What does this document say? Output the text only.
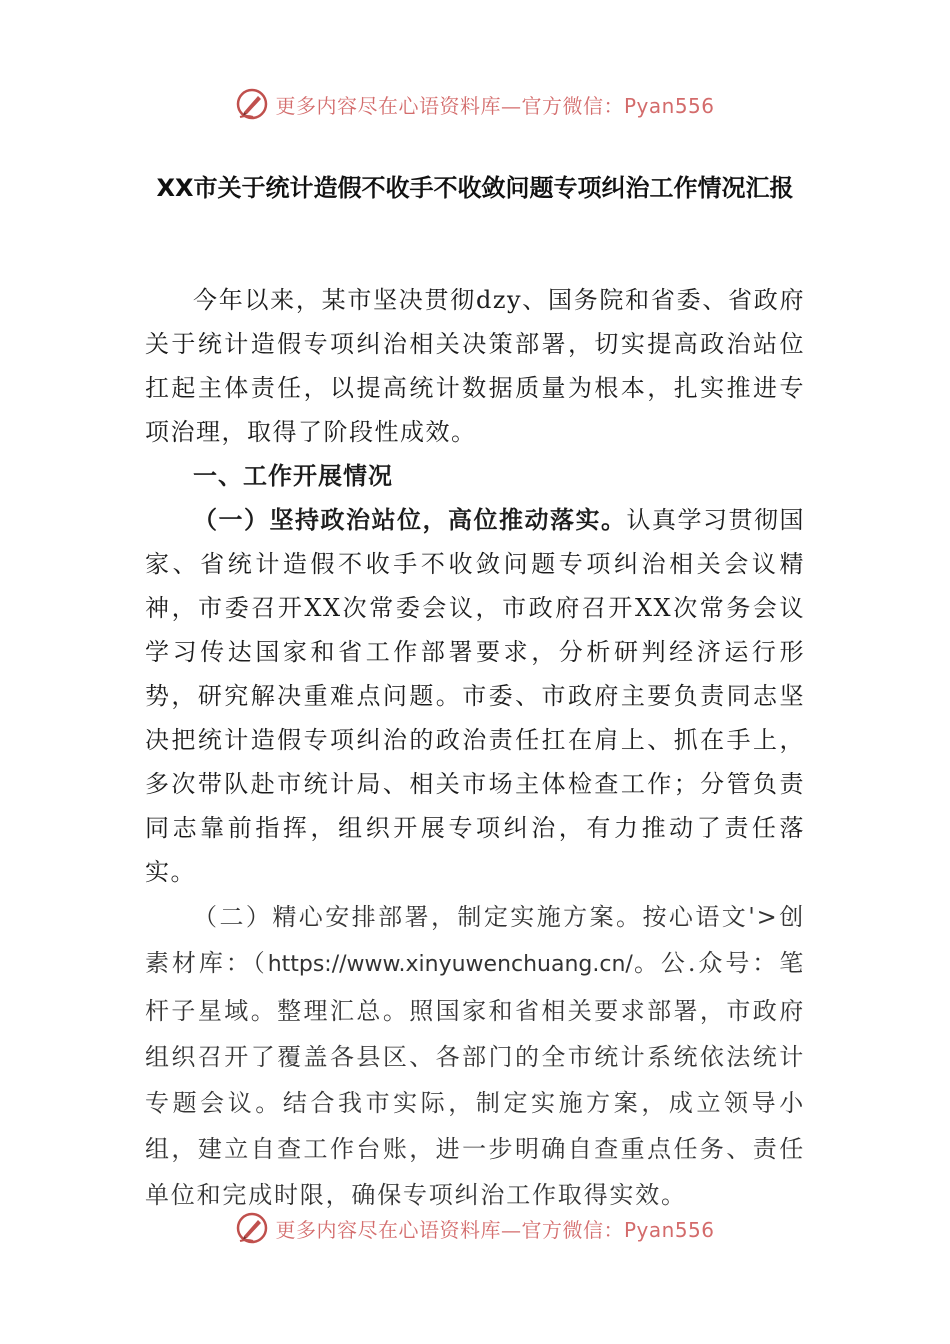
更多内容尽在心语资料库—官方微信：Pyan556
XX市关于统计造假不收手不收敛问题专项纠治工作情况汇报

今年以来，某市坚决贯彻dzy、国务院和省委、省政府关于统计造假专项纠治相关决策部署，切实提高政治站位扛起主体责任，以提高统计数据质量为根本，扎实推进专项治理，取得了阶段性成效。

一、工作开展情况

（一）坚持政治站位，高位推动落实。认真学习贯彻国家、省统计造假不收手不收敛问题专项纠治相关会议精神，市委召开XX次常委会议，市政府召开XX次常务会议学习传达国家和省工作部署要求，分析研判经济运行形势，研究解决重难点问题。市委、市政府主要负责同志坚决把统计造假专项纠治的政治责任扛在肩上、抓在手上，多次带队赴市统计局、相关市场主体检查工作；分管负责同志靠前指挥，组织开展专项纠治，有力推动了责任落实。

（二）精心安排部署，制定实施方案。按心语文'>创素材库：（https://www.xinyuwenchuang.cn/。公.众号：笔杆子星域。整理汇总。照国家和省相关要求部署，市政府组织召开了覆盖各县区、各部门的全市统计系统依法统计专题会议。结合我市实际，制定实施方案，成立领导小组，建立自查工作台账，进一步明确自查重点任务、责任单位和完成时限，确保专项纠治工作取得实效。

更多内容尽在心语资料库—官方微信：Pyan556
